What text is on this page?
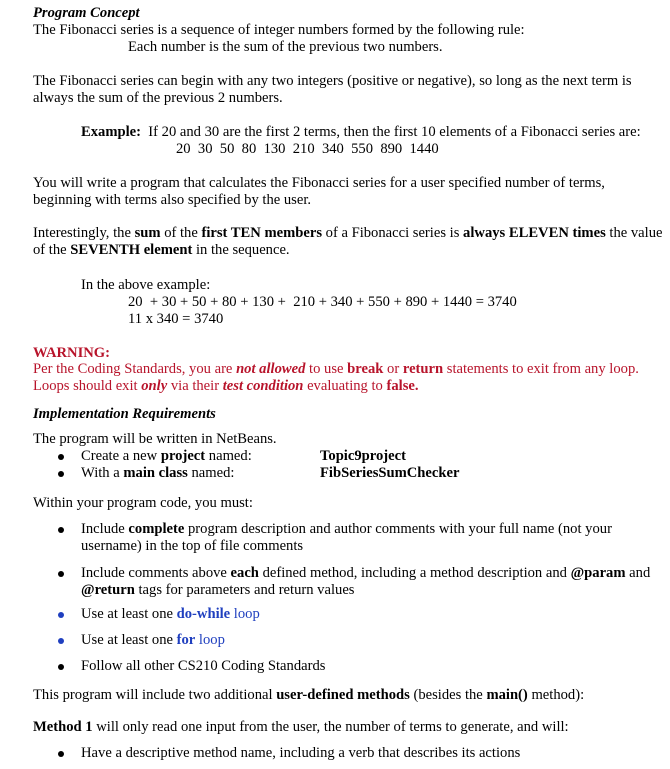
Program Concept
The Fibonacci series is a sequence of integer numbers formed by the following rule:
Each number is the sum of the previous two numbers.
The Fibonacci series can begin with any two integers (positive or negative), so long as the next term is
always the sum of the previous 2 numbers.
Example: If 20 and 30 are the first 2 terms, then the first 10 elements of a Fibonacci series are:
20  30  50  80  130  210  340  550  890  1440
You will write a program that calculates the Fibonacci series for a user specified number of terms,
beginning with terms also specified by the user.
Interestingly, the sum of the first TEN members of a Fibonacci series is always ELEVEN times the value
of the SEVENTH element in the sequence.
In the above example:
20  + 30 + 50 + 80 + 130 +  210 + 340 + 550 + 890 + 1440 = 3740
11 x 340 = 3740
WARNING:
Per the Coding Standards, you are not allowed to use break or return statements to exit from any loop.
Loops should exit only via their test condition evaluating to false.
Implementation Requirements
The program will be written in NetBeans.
Create a new project named:	Topic9project
With a main class named:	FibSeriesSumChecker
Within your program code, you must:
Include complete program description and author comments with your full name (not your
username) in the top of file comments
Include comments above each defined method, including a method description and @param and
@return tags for parameters and return values
Use at least one do-while loop
Use at least one for loop
Follow all other CS210 Coding Standards
This program will include two additional user-defined methods (besides the main() method):
Method 1 will only read one input from the user, the number of terms to generate, and will:
Have a descriptive method name, including a verb that describes its actions
